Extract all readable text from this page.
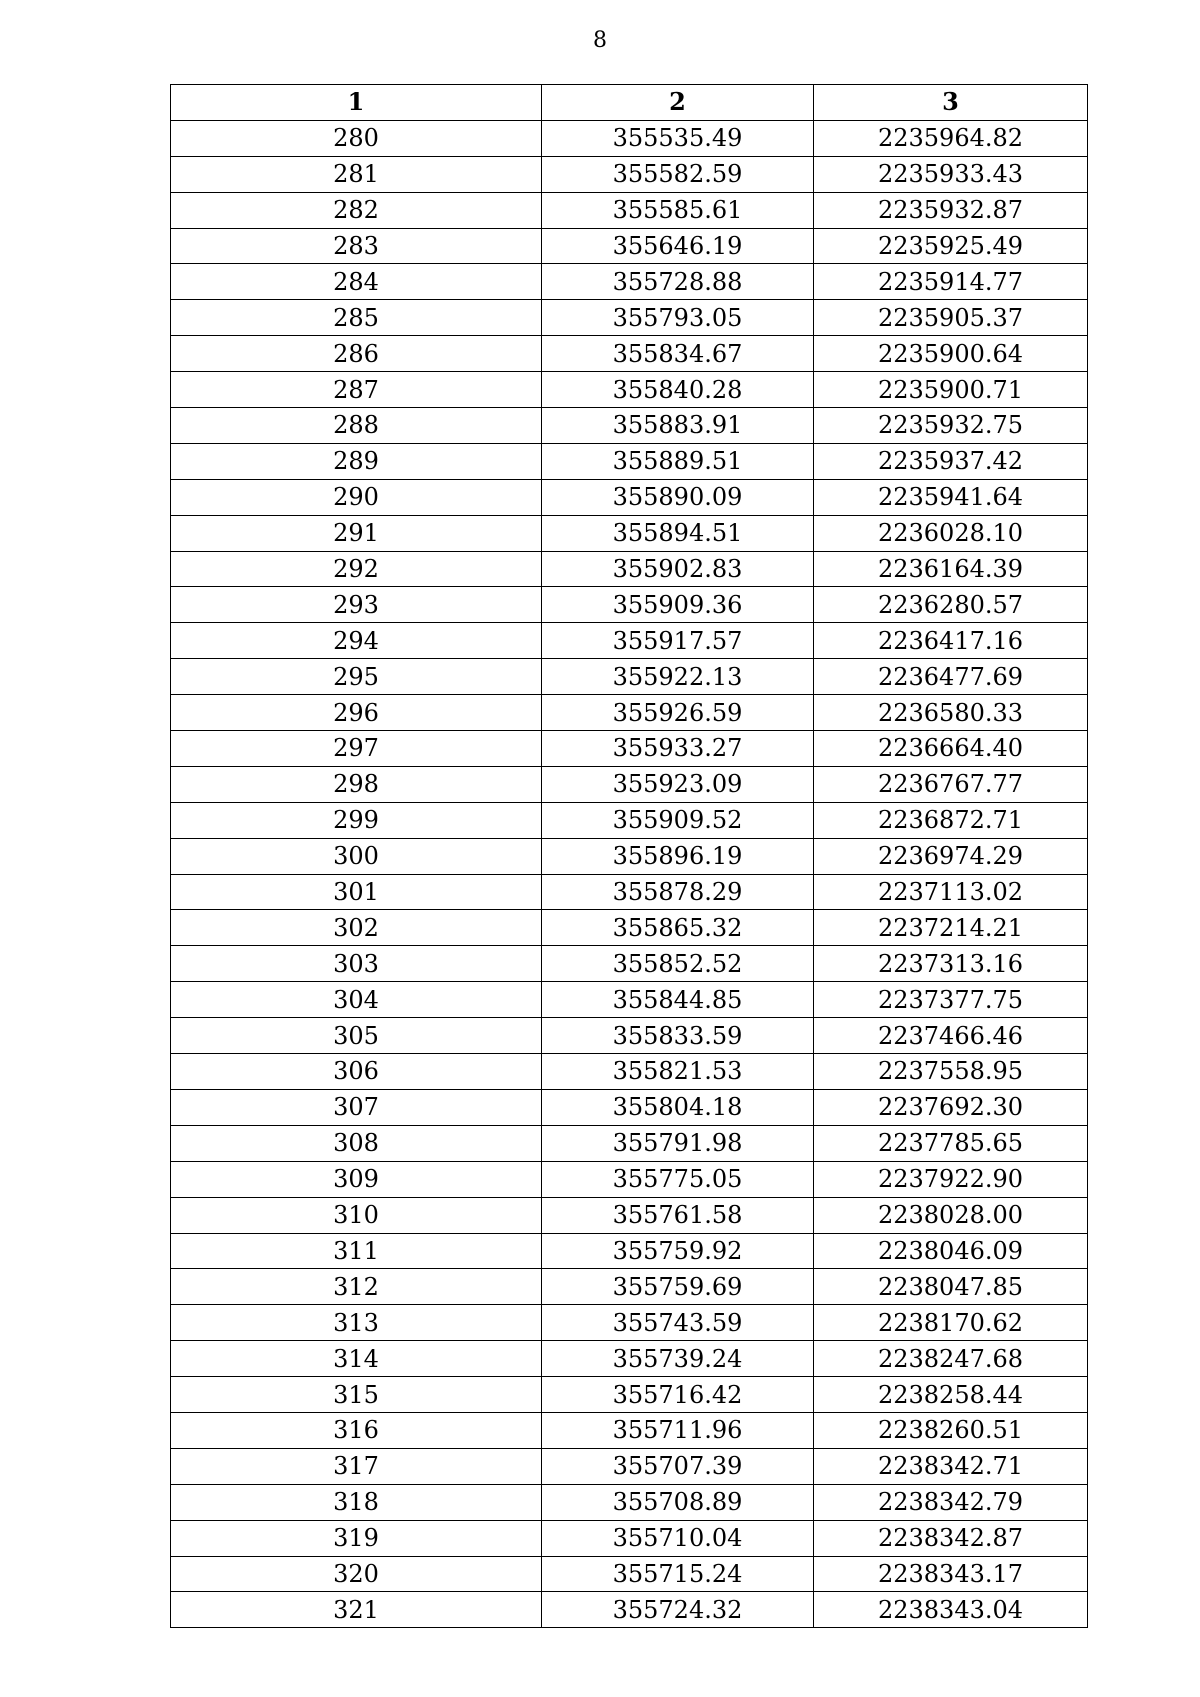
8
1	2	3
280	355535.49	2235964.82
281	355582.59	2235933.43
282	355585.61	2235932.87
283	355646.19	2235925.49
284	355728.88	2235914.77
285	355793.05	2235905.37
286	355834.67	2235900.64
287	355840.28	2235900.71
288	355883.91	2235932.75
289	355889.51	2235937.42
290	355890.09	2235941.64
291	355894.51	2236028.10
292	355902.83	2236164.39
293	355909.36	2236280.57
294	355917.57	2236417.16
295	355922.13	2236477.69
296	355926.59	2236580.33
297	355933.27	2236664.40
298	355923.09	2236767.77
299	355909.52	2236872.71
300	355896.19	2236974.29
301	355878.29	2237113.02
302	355865.32	2237214.21
303	355852.52	2237313.16
304	355844.85	2237377.75
305	355833.59	2237466.46
306	355821.53	2237558.95
307	355804.18	2237692.30
308	355791.98	2237785.65
309	355775.05	2237922.90
310	355761.58	2238028.00
311	355759.92	2238046.09
312	355759.69	2238047.85
313	355743.59	2238170.62
314	355739.24	2238247.68
315	355716.42	2238258.44
316	355711.96	2238260.51
317	355707.39	2238342.71
318	355708.89	2238342.79
319	355710.04	2238342.87
320	355715.24	2238343.17
321	355724.32	2238343.04
